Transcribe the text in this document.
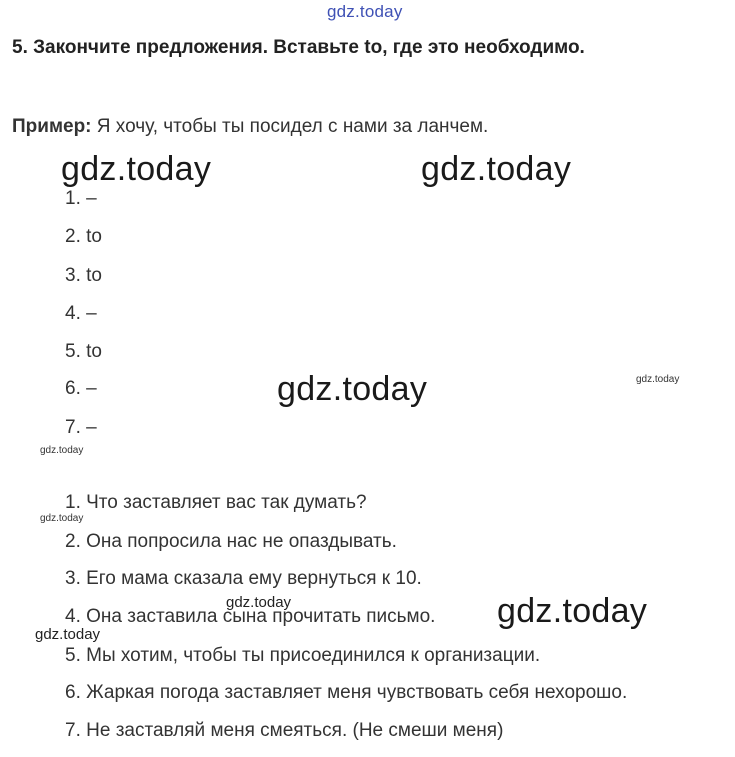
gdz.today
5. Закончите предложения. Вставьте to, где это необходимо.
Пример: Я хочу, чтобы ты посидел с нами за ланчем.
gdz.today	gdz.today
gdz.today
gdz.today
gdz.today
gdz.today
gdz.today
gdz.today
gdz.today
1. –
2. to
3. to
4. –
5. to
6. –
7. –
1. Что заставляет вас так думать?
2. Она попросила нас не опаздывать.
3. Его мама сказала ему вернуться к 10.
4. Она заставила сына прочитать письмо.
5. Мы хотим, чтобы ты присоединился к организации.
6. Жаркая погода заставляет меня чувствовать себя нехорошо.
7. Не заставляй меня смеяться. (Не смеши меня)
